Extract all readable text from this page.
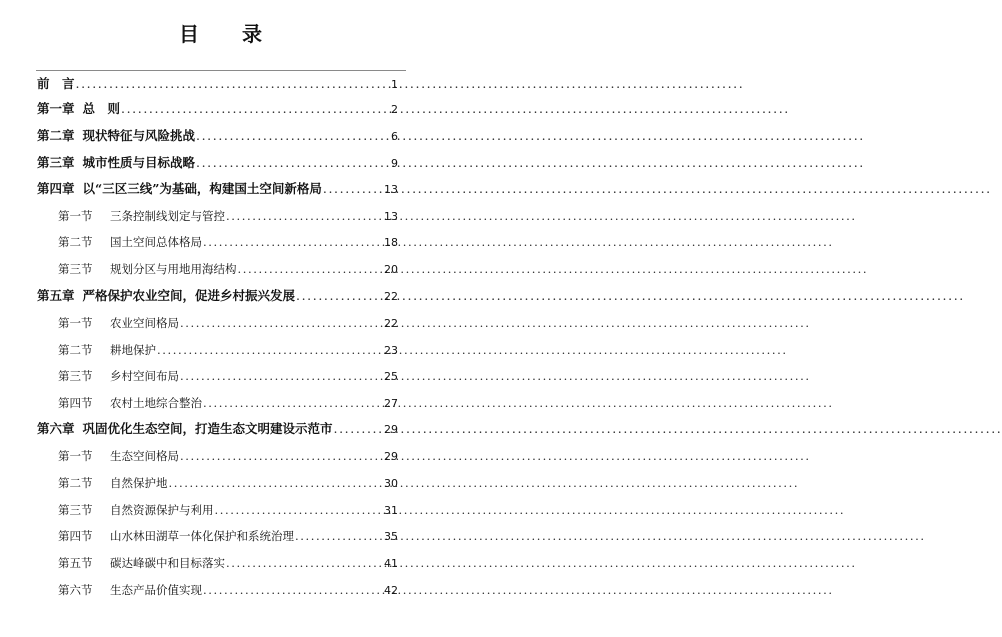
目 录
前　言 .....	1
第一章 总　则 .....	2
第二章 现状特征与风险挑战 .....	6
第三章 城市性质与目标战略 .....	9
第四章 以“三区三线”为基础，构建国土空间新格局 .....	13
第一节	三条控制线划定与管控 .....	13
第二节	国土空间总体格局 .....	18
第三节	规划分区与用地用海结构 .....	20
第五章 严格保护农业空间，促进乡村振兴发展 .....	22
第一节	农业空间格局 .....	22
第二节	耕地保护 .....	23
第三节	乡村空间布局 .....	25
第四节	农村土地综合整治 .....	27
第六章 巩固优化生态空间，打造生态文明建设示范市 .....	29
第一节	生态空间格局 .....	29
第二节	自然保护地 .....	30
第三节	自然资源保护与利用 .....	31
第四节	山水林田湖草一体化保护和系统治理 .....	35
第五节	碳达峰碳中和目标落实 .....	41
第六节	生态产品价值实现 .....	42
